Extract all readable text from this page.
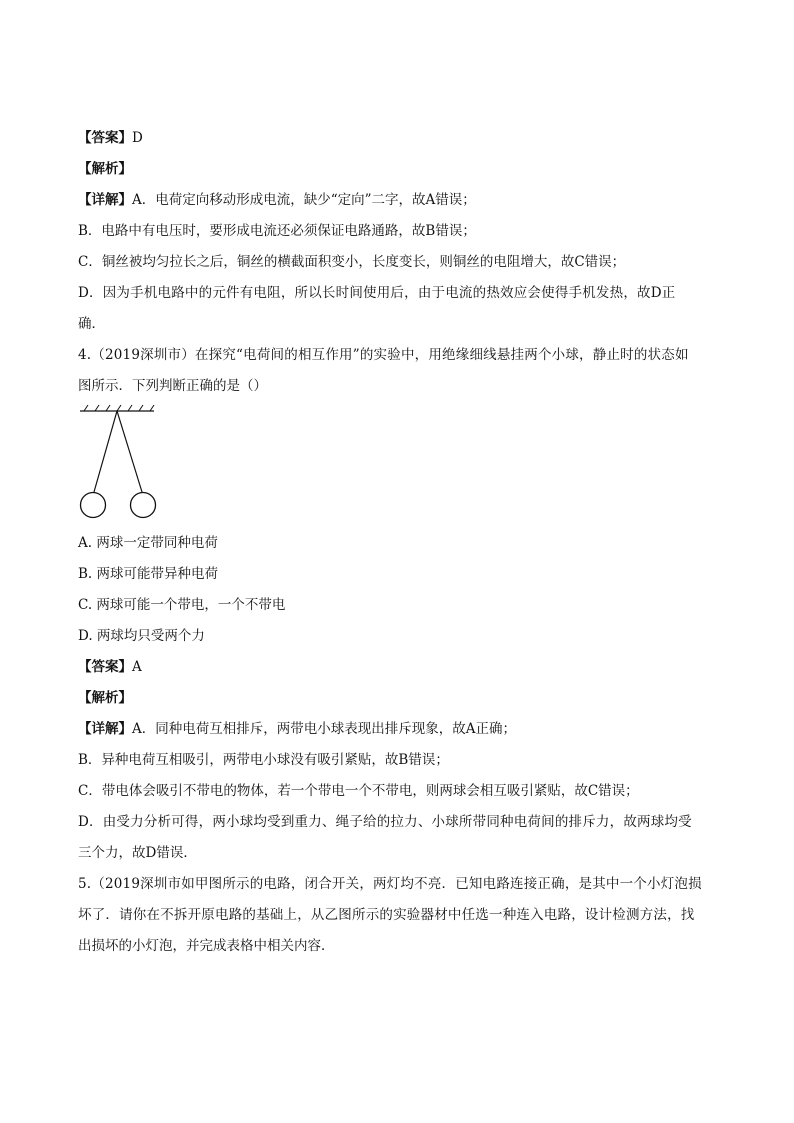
【答案】D
【解析】
【详解】A．电荷定向移动形成电流，缺少“定向”二字，故A错误；
B．电路中有电压时，要形成电流还必须保证电路通路，故B错误；
C．铜丝被均匀拉长之后，铜丝的横截面积变小，长度变长，则铜丝的电阻增大，故C错误；
D．因为手机电路中的元件有电阻，所以长时间使用后，由于电流的热效应会使得手机发热，故D正
确．
4.（2019深圳市）在探究“电荷间的相互作用”的实验中，用绝缘细线悬挂两个小球，静止时的状态如
图所示．下列判断正确的是（）
A. 两球一定带同种电荷
B. 两球可能带异种电荷
C. 两球可能一个带电，一个不带电
D. 两球均只受两个力
【答案】A
【解析】
【详解】A．同种电荷互相排斥，两带电小球表现出排斥现象，故A正确；
B．异种电荷互相吸引，两带电小球没有吸引紧贴，故B错误；
C．带电体会吸引不带电的物体，若一个带电一个不带电，则两球会相互吸引紧贴，故C错误；
D．由受力分析可得，两小球均受到重力、绳子给的拉力、小球所带同种电荷间的排斥力，故两球均受
三个力，故D错误．
5.（2019深圳市如甲图所示的电路，闭合开关，两灯均不亮．已知电路连接正确，是其中一个小灯泡损
坏了．请你在不拆开原电路的基础上，从乙图所示的实验器材中任选一种连入电路，设计检测方法，找
出损坏的小灯泡，并完成表格中相关内容．
